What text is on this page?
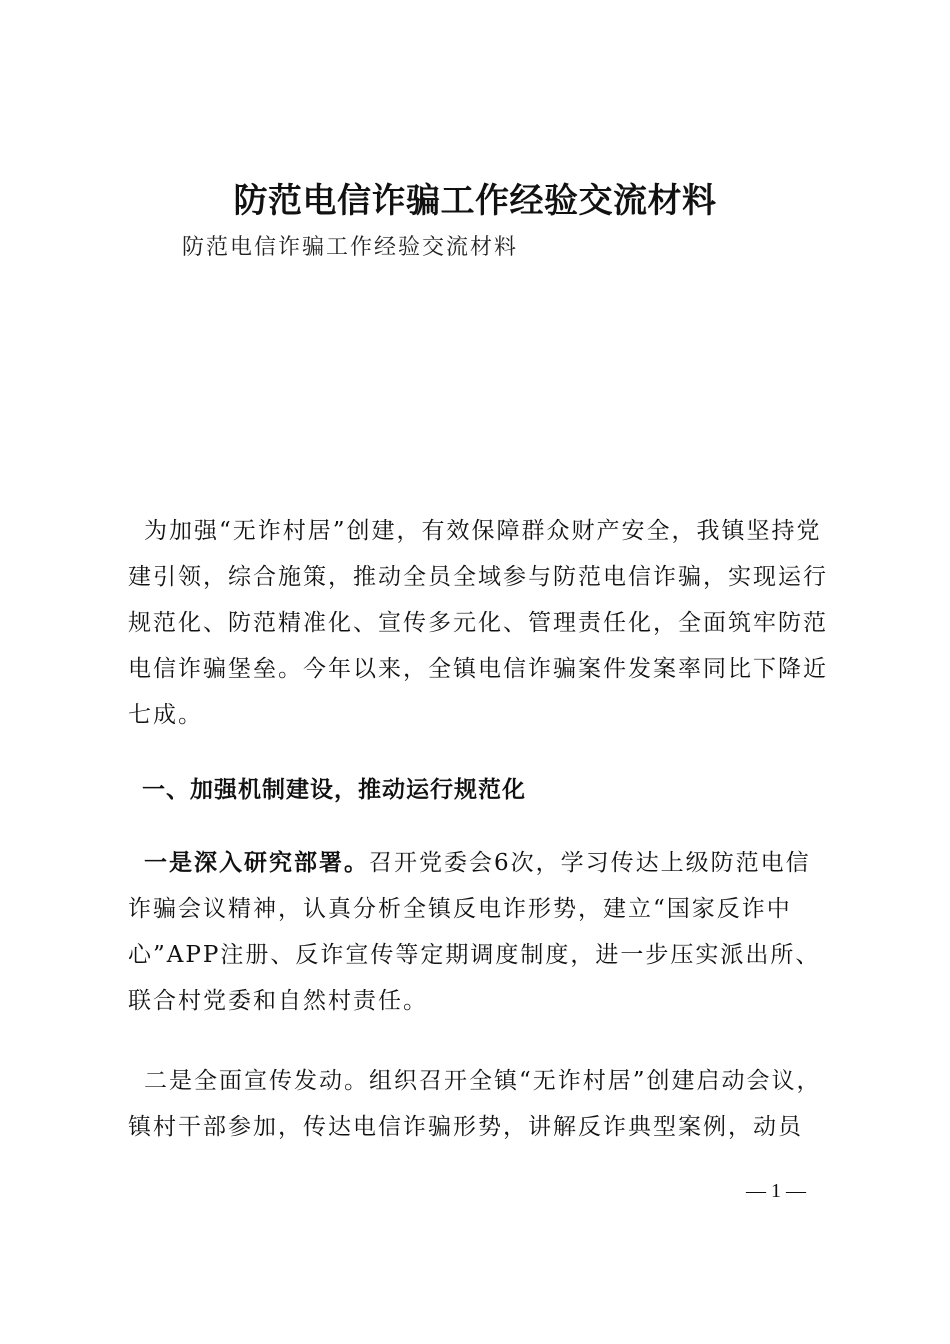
防范电信诈骗工作经验交流材料
防范电信诈骗工作经验交流材料

为加强“无诈村居”创建，有效保障群众财产安全，我镇坚持党建引领，综合施策，推动全员全域参与防范电信诈骗，实现运行规范化、防范精准化、宣传多元化、管理责任化，全面筑牢防范电信诈骗堡垒。今年以来，全镇电信诈骗案件发案率同比下降近七成。

一、加强机制建设，推动运行规范化

一是深入研究部署。召开党委会6次，学习传达上级防范电信诈骗会议精神，认真分析全镇反电诈形势，建立“国家反诈中心”APP注册、反诈宣传等定期调度制度，进一步压实派出所、联合村党委和自然村责任。

二是全面宣传发动。组织召开全镇“无诈村居”创建启动会议，镇村干部参加，传达电信诈骗形势，讲解反诈典型案例，动员

— 1 —
